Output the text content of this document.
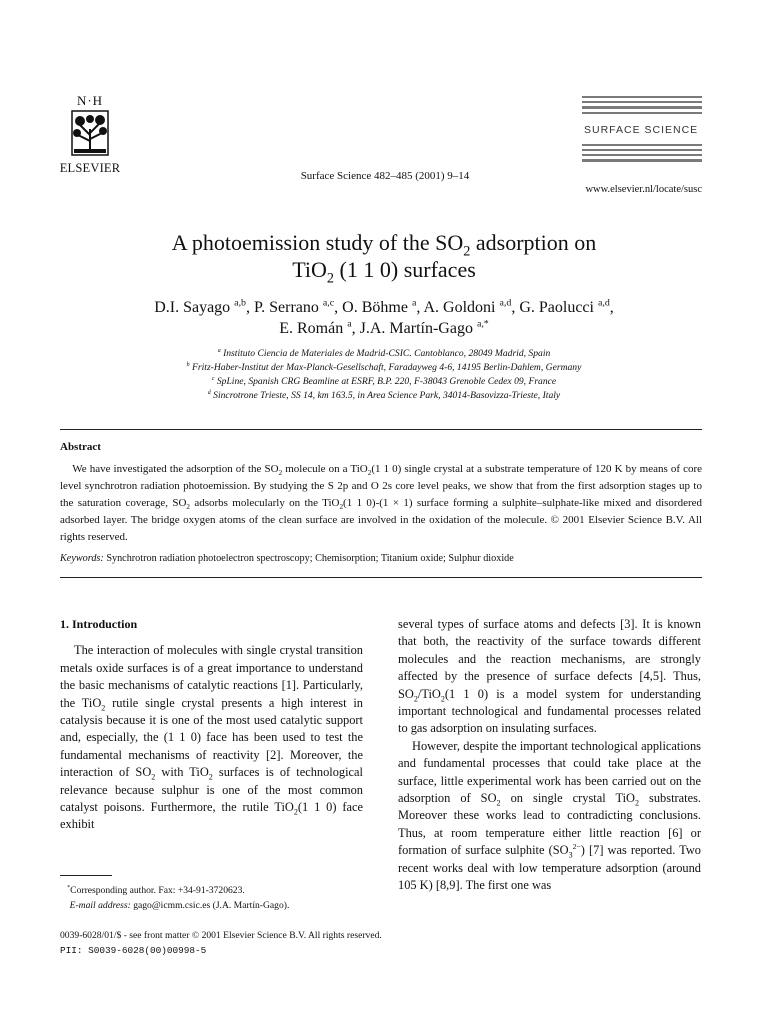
N·H
ELSEVIER
Surface Science 482–485 (2001) 9–14
SURFACE SCIENCE
www.elsevier.nl/locate/susc
A photoemission study of the $SO_2$ adsorption on
TiO$_2$ (1 1 0) surfaces
D.I. Sayago $^{a,b}$, P. Serrano $^{a,c}$, O. Böhme $^a$, A. Goldoni $^{a,d}$, G. Paolucci $^{a,d}$,
E. Román $^a$, J.A. Martín-Gago $^{a,*}$
$^a$ Instituto Ciencia de Materiales de Madrid-CSIC. Cantoblanco, 28049 Madrid, Spain
$^b$ Fritz-Haber-Institut der Max-Planck-Gesellschaft, Faradayweg 4-6, 14195 Berlin-Dahlem, Germany
$^c$ SpLine, Spanish CRG Beamline at ESRF, B.P. 220, F-38043 Grenoble Cedex 09, France
$^d$ Sincrotrone Trieste, SS 14, km 163.5, in Area Science Park, 34014-Basovizza-Trieste, Italy
Abstract
We have investigated the adsorption of the $SO_2$ molecule on a TiO$_2$(1 1 0) single crystal at a substrate temperature of 120 K by means of core level synchrotron radiation photoemission. By studying the S 2p and O 2s core level peaks, we show that from the first adsorption stages up to the saturation coverage, $SO_2$ adsorbs molecularly on the TiO$_2$(1 1 0)-(1 × 1) surface forming a sulphite–sulphate-like mixed and disordered adsorbed layer. The bridge oxygen atoms of the clean surface are involved in the oxidation of the molecule. © 2001 Elsevier Science B.V. All rights reserved.
Keywords: Synchrotron radiation photoelectron spectroscopy; Chemisorption; Titanium oxide; Sulphur dioxide
1. Introduction
The interaction of molecules with single crystal transition metals oxide surfaces is of a great importance to understand the basic mechanisms of catalytic reactions [1]. Particularly, the TiO$_2$ rutile single crystal presents a high interest in catalysis because it is one of the most used catalytic support and, especially, the (1 1 0) face has been used to test the fundamental mechanisms of reactivity [2]. Moreover, the interaction of $SO_2$ with TiO$_2$ surfaces is of technological relevance because sulphur is one of the most common catalyst poisons. Furthermore, the rutile TiO$_2$(1 1 0) face exhibit
several types of surface atoms and defects [3]. It is known that both, the reactivity of the surface towards different molecules and the reaction mechanisms, are strongly affected by the presence of surface defects [4,5]. Thus, $SO_2/TiO_2(1$ 1 0) is a model system for understanding important technological and fundamental processes related to gas adsorption on insulating surfaces.
However, despite the important technological applications and fundamental processes that could take place at the surface, little experimental work has been carried out on the adsorption of $SO_2$ on single crystal TiO$_2$ substrates. Moreover these works lead to contradicting conclusions. Thus, at room temperature either little reaction [6] or formation of surface sulphite $(SO_3^{2-})$ [7] was reported. Two recent works deal with low temperature adsorption (around 105 K) [8,9]. The first one was
*Corresponding author. Fax: +34-91-3720623.
E-mail address: gago@icmm.csic.es (J.A. Martín-Gago).
0039-6028/01/$ - see front matter © 2001 Elsevier Science B.V. All rights reserved.
PII: S0039-6028(00)00998-5
